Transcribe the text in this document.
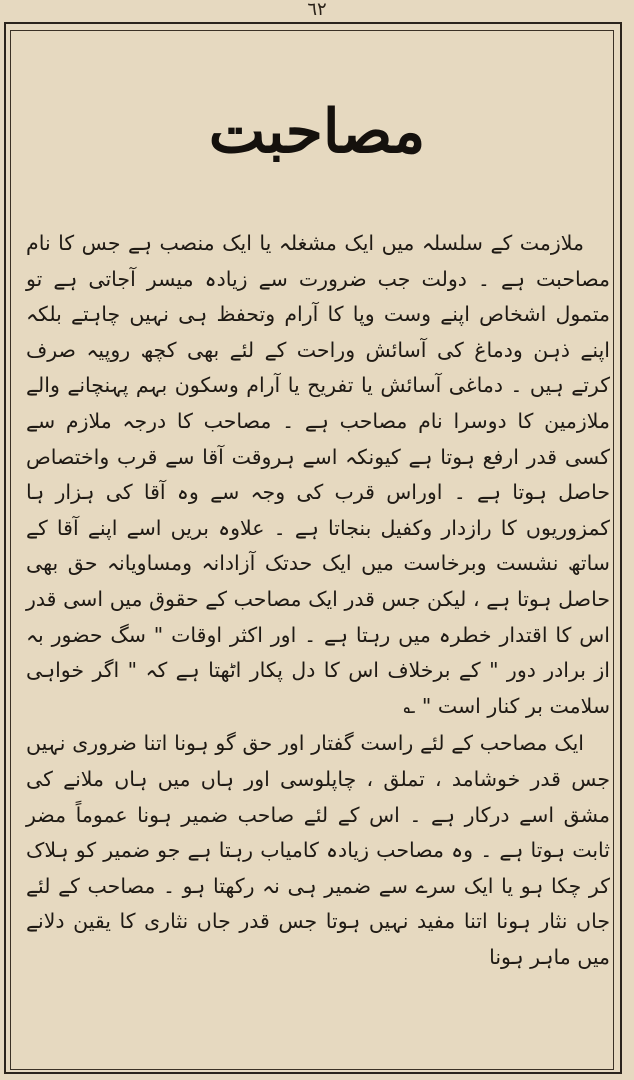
٦٢
مصاحبت

ملازمت کے سلسلہ میں ایک مشغلہ یا ایک منصب ہے جس کا نام مصاحبت ہے ۔ دولت جب ضرورت سے زیادہ میسر آجاتی ہے تو متمول اشخاص اپنے وست وپا کا آرام وتحفظ ہی نہیں چاہتے بلکہ اپنے ذہن ودماغ کی آسائش وراحت کے لئے بھی کچھ روپیہ صرف کرتے ہیں ۔ دماغی آسائش یا تفریح یا آرام وسکون بہم پہنچانے والے ملازمین کا دوسرا نام مصاحب ہے ۔ مصاحب کا درجہ ملازم سے کسی قدر ارفع ہوتا ہے کیونکہ اسے ہروقت آقا سے قرب واختصاص حاصل ہوتا ہے ۔ اوراس قرب کی وجہ سے وہ آقا کی ہزار ہا کمزوریوں کا رازدار وکفیل بنجاتا ہے ۔ علاوہ بریں اسے اپنے آقا کے ساتھ نشست وبرخاست میں ایک حدتک آزادانہ ومساویانہ حق بھی حاصل ہوتا ہے ، لیکن جس قدر ایک مصاحب کے حقوق میں اسی قدر اس کا اقتدار خطرہ میں رہتا ہے ۔ اور اکثر اوقات " سگ حضور بہ از برادر دور " کے برخلاف اس کا دل پکار اٹھتا ہے کہ " اگر خواہی سلامت بر کنار است " ؎

ایک مصاحب کے لئے راست گفتار اور حق گو ہونا اتنا ضروری نہیں جس قدر خوشامد ، تملق ، چاپلوسی اور ہاں میں ہاں ملانے کی مشق اسے درکار ہے ۔ اس کے لئے صاحب ضمیر ہونا عموماً مضر ثابت ہوتا ہے ۔ وہ مصاحب زیادہ کامیاب رہتا ہے جو ضمیر کو ہلاک کر چکا ہو یا ایک سرے سے ضمیر ہی نہ رکھتا ہو ۔ مصاحب کے لئے جاں نثار ہونا اتنا مفید نہیں ہوتا جس قدر جاں نثاری کا یقین دلانے میں ماہر ہونا
